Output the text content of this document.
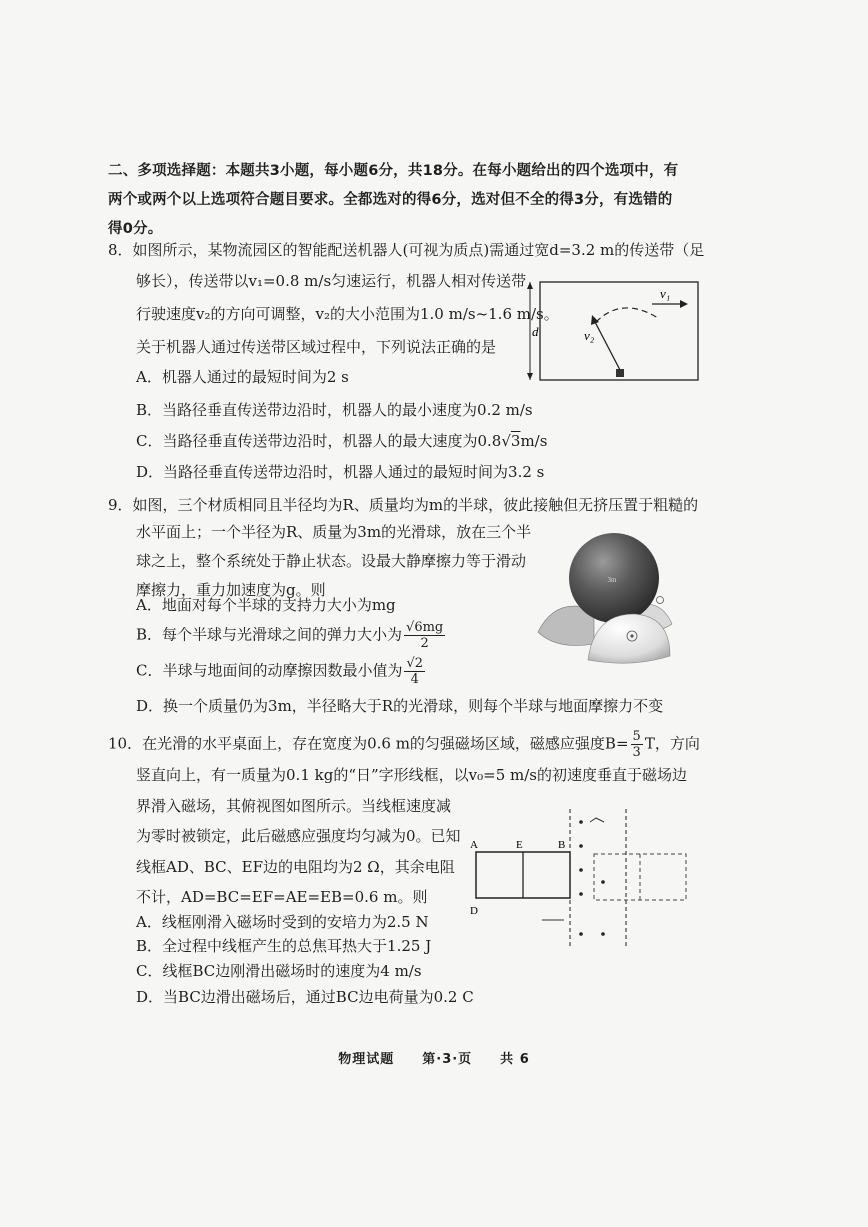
二、多项选择题：本题共3小题，每小题6分，共18分。在每小题给出的四个选项中，有
两个或两个以上选项符合题目要求。全都选对的得6分，选对但不全的得3分，有选错的
得0分。
8．如图所示，某物流园区的智能配送机器人(可视为质点)需通过宽d=3.2 m的传送带（足
够长），传送带以v₁=0.8 m/s匀速运行，机器人相对传送带
行驶速度v₂的方向可调整，v₂的大小范围为1.0 m/s~1.6 m/s。
关于机器人通过传送带区域过程中，下列说法正确的是
A．机器人通过的最短时间为2 s
B．当路径垂直传送带边沿时，机器人的最小速度为0.2 m/s
C．当路径垂直传送带边沿时，机器人的最大速度为0.8√3m/s
D．当路径垂直传送带边沿时，机器人通过的最短时间为3.2 s
d
v₁
v₂
9．如图，三个材质相同且半径均为R、质量均为m的半球，彼此接触但无挤压置于粗糙的
水平面上；一个半径为R、质量为3m的光滑球，放在三个半
球之上，整个系统处于静止状态。设最大静摩擦力等于滑动
摩擦力，重力加速度为g。则
A．地面对每个半球的支持力大小为mg
B．每个半球与光滑球之间的弹力大小为 $\frac{√6mg}{2}$
C．半球与地面间的动摩擦因数最小值为 $\frac{√2}{4}$
D．换一个质量仍为3m，半径略大于R的光滑球，则每个半球与地面摩擦力不变
3m
10．在光滑的水平桌面上，存在宽度为0.6 m的匀强磁场区域，磁感应强度$B= \frac{5}{3}$ T，方向
竖直向上，有一质量为0.1 kg的“日”字形线框，以v₀=5 m/s的初速度垂直于磁场边
界滑入磁场，其俯视图如图所示。当线框速度减
为零时被锁定，此后磁感应强度均匀减为0。已知
线框AD、BC、EF边的电阻均为2 Ω，其余电阻
不计，AD=BC=EF=AE=EB=0.6 m。则
A．线框刚滑入磁场时受到的安培力为2.5 N
B．全过程中线框产生的总焦耳热大于1.25 J
C．线框BC边刚滑出磁场时的速度为4 m/s
D．当BC边滑出磁场后，通过BC边电荷量为0.2 C
A	E	B
D
物理试题　　第·3·页　　共 6
